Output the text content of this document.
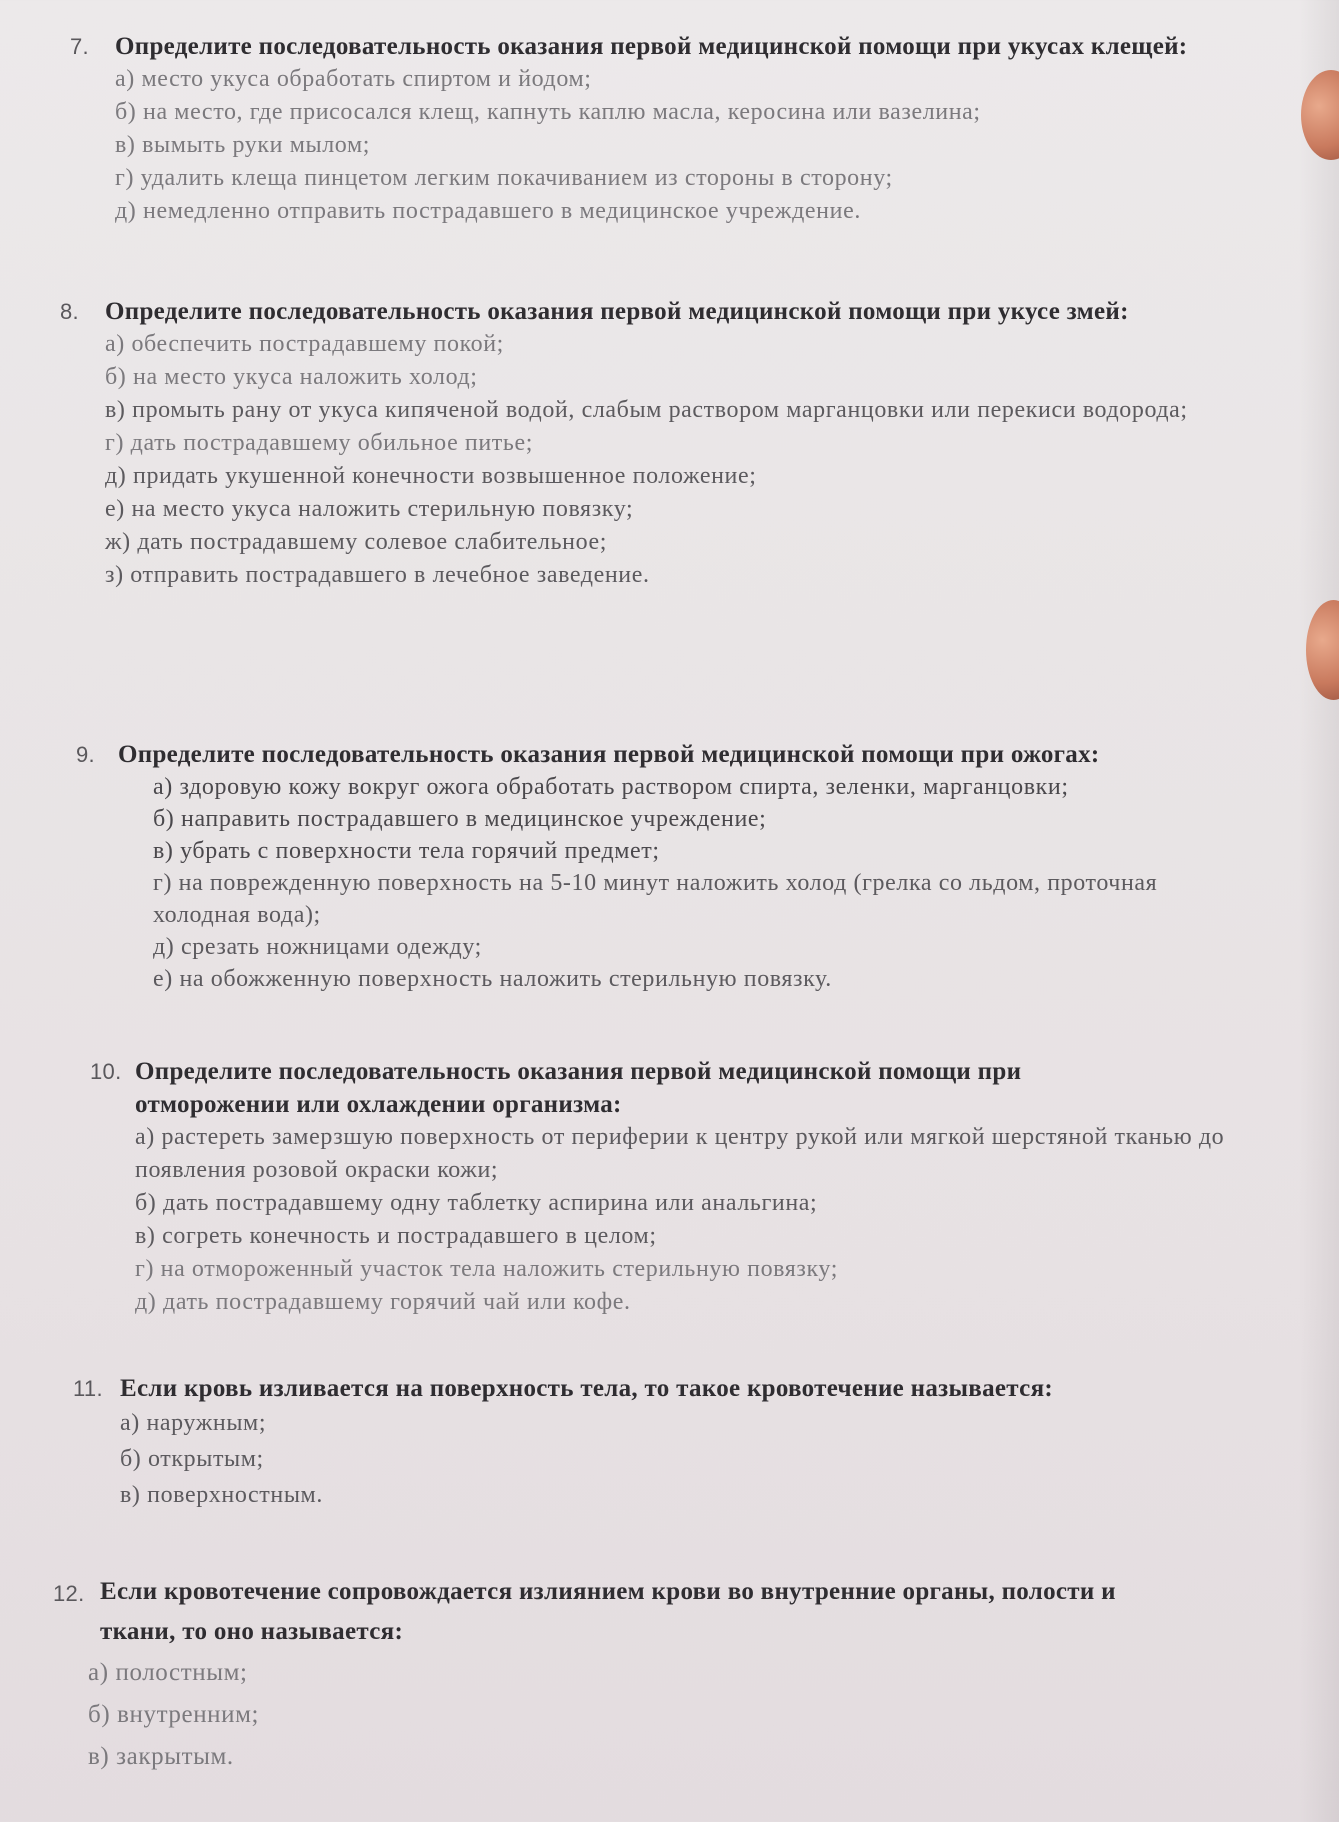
7. Определите последовательность оказания первой медицинской помощи при укусах клещей:
а) место укуса обработать спиртом и йодом;
б) на место, где присосался клещ, капнуть каплю масла, керосина или вазелина;
в) вымыть руки мылом;
г) удалить клеща пинцетом легким покачиванием из стороны в сторону;
д) немедленно отправить пострадавшего в медицинское учреждение.
8. Определите последовательность оказания первой медицинской помощи при укусе змей:
а) обеспечить пострадавшему покой;
б) на место укуса наложить холод;
в) промыть рану от укуса кипяченой водой, слабым раствором марганцовки или перекиси водорода;
г) дать пострадавшему обильное питье;
д) придать укушенной конечности возвышенное положение;
е) на место укуса наложить стерильную повязку;
ж) дать пострадавшему солевое слабительное;
з) отправить пострадавшего в лечебное заведение.
9. Определите последовательность оказания первой медицинской помощи при ожогах:
а) здоровую кожу вокруг ожога обработать раствором спирта, зеленки, марганцовки;
б) направить пострадавшего в медицинское учреждение;
в) убрать с поверхности тела горячий предмет;
г) на поврежденную поверхность на 5-10 минут наложить холод (грелка со льдом, проточная холодная вода);
д) срезать ножницами одежду;
е) на обожженную поверхность наложить стерильную повязку.
10. Определите последовательность оказания первой медицинской помощи при отморожении или охлаждении организма:
а) растереть замерзшую поверхность от периферии к центру рукой или мягкой шерстяной тканью до появления розовой окраски кожи;
б) дать пострадавшему одну таблетку аспирина или анальгина;
в) согреть конечность и пострадавшего в целом;
г) на отмороженный участок тела наложить стерильную повязку;
д) дать пострадавшему горячий чай или кофе.
11. Если кровь изливается на поверхность тела, то такое кровотечение называется:
а) наружным;
б) открытым;
в) поверхностным.
12. Если кровотечение сопровождается излиянием крови во внутренние органы, полости и ткани, то оно называется:
а) полостным;
б) внутренним;
в) закрытым.
